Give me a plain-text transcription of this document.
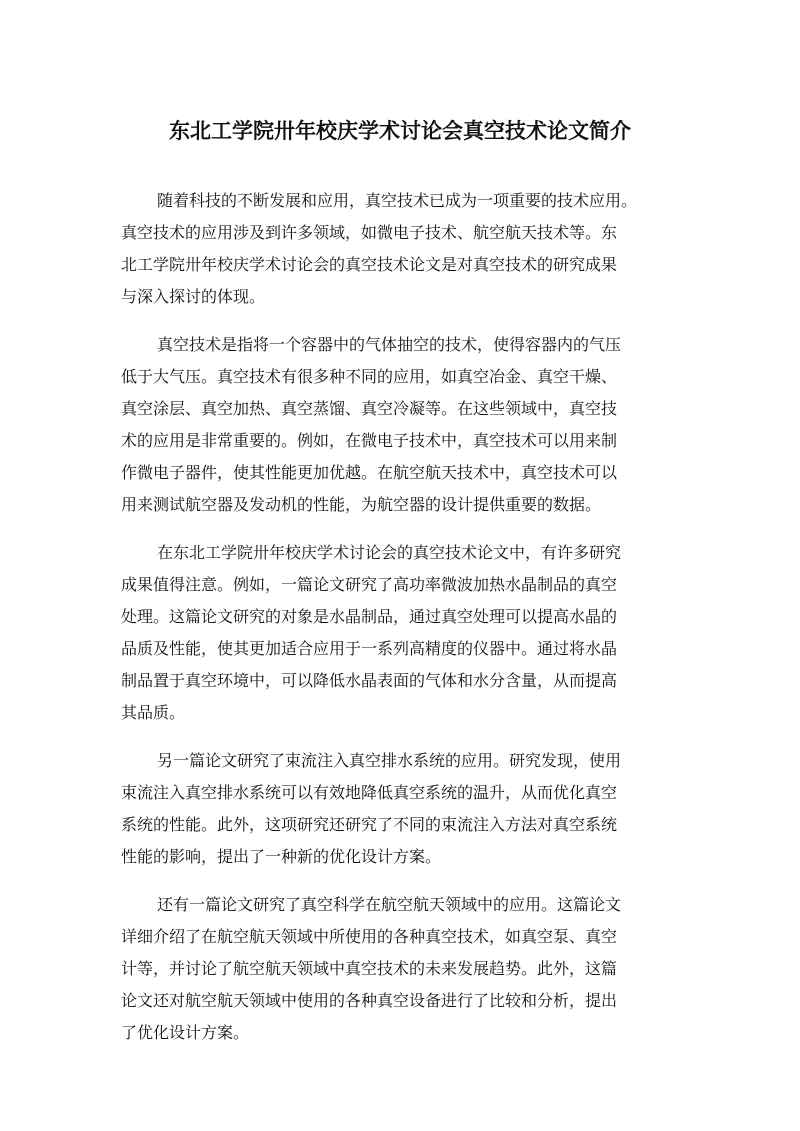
东北工学院卅年校庆学术讨论会真空技术论文简介
随着科技的不断发展和应用，真空技术已成为一项重要的技术应用。
真空技术的应用涉及到许多领域，如微电子技术、航空航天技术等。东
北工学院卅年校庆学术讨论会的真空技术论文是对真空技术的研究成果
与深入探讨的体现。
真空技术是指将一个容器中的气体抽空的技术，使得容器内的气压
低于大气压。真空技术有很多种不同的应用，如真空冶金、真空干燥、
真空涂层、真空加热、真空蒸馏、真空冷凝等。在这些领域中，真空技
术的应用是非常重要的。例如，在微电子技术中，真空技术可以用来制
作微电子器件，使其性能更加优越。在航空航天技术中，真空技术可以
用来测试航空器及发动机的性能，为航空器的设计提供重要的数据。
在东北工学院卅年校庆学术讨论会的真空技术论文中，有许多研究
成果值得注意。例如，一篇论文研究了高功率微波加热水晶制品的真空
处理。这篇论文研究的对象是水晶制品，通过真空处理可以提高水晶的
品质及性能，使其更加适合应用于一系列高精度的仪器中。通过将水晶
制品置于真空环境中，可以降低水晶表面的气体和水分含量，从而提高
其品质。
另一篇论文研究了束流注入真空排水系统的应用。研究发现，使用
束流注入真空排水系统可以有效地降低真空系统的温升，从而优化真空
系统的性能。此外，这项研究还研究了不同的束流注入方法对真空系统
性能的影响，提出了一种新的优化设计方案。
还有一篇论文研究了真空科学在航空航天领域中的应用。这篇论文
详细介绍了在航空航天领域中所使用的各种真空技术，如真空泵、真空
计等，并讨论了航空航天领域中真空技术的未来发展趋势。此外，这篇
论文还对航空航天领域中使用的各种真空设备进行了比较和分析，提出
了优化设计方案。
